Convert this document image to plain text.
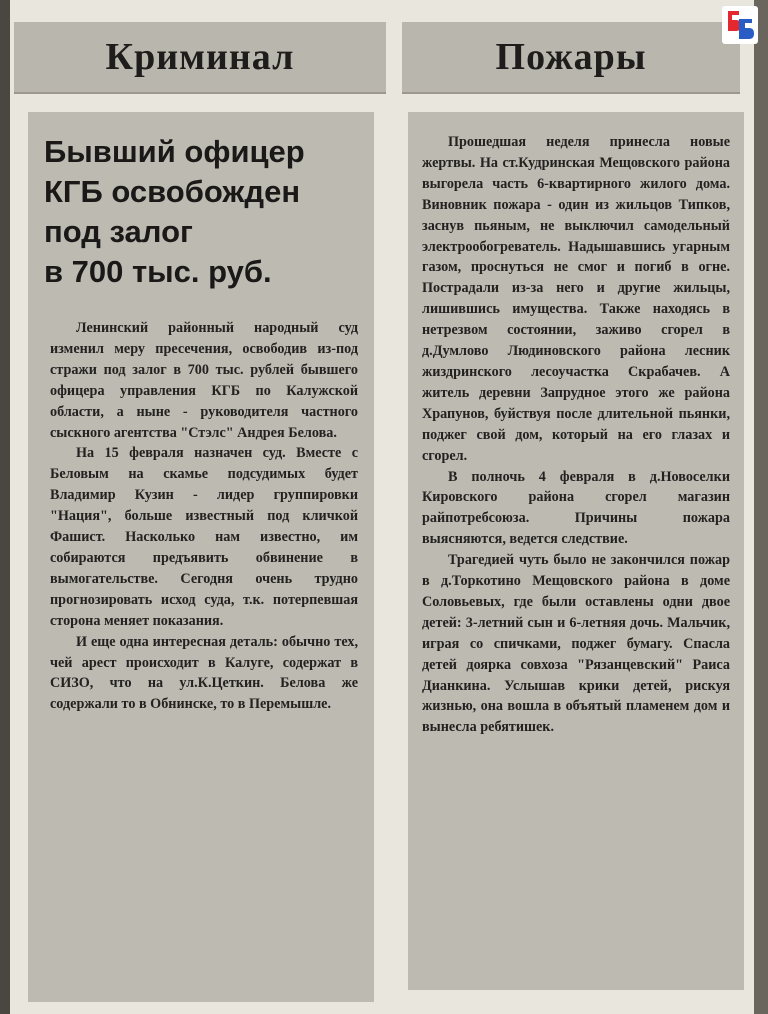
Криминал	Пожары
Бывший офицер
КГБ освобожден
под залог
в 700 тыс. руб.

Ленинский районный народный суд изменил меру пресечения, освободив из-под стражи под залог в 700 тыс. рублей бывшего офицера управления КГБ по Калужской области, а ныне - руководителя частного сыскного агентства "Стэлс" Андрея Белова.

На 15 февраля назначен суд. Вместе с Беловым на скамье подсудимых будет Владимир Кузин - лидер группировки "Нация", больше известный под кличкой Фашист. Насколько нам известно, им собираются предъявить обвинение в вымогательстве. Сегодня очень трудно прогнозировать исход суда, т.к. потерпевшая сторона меняет показания.

И еще одна интересная деталь: обычно тех, чей арест происходит в Калуге, содержат в СИЗО, что на ул.К.Цеткин. Белова же содержали то в Обнинске, то в Перемышле.

Прошедшая неделя принесла новые жертвы. На ст.Кудринская Мещовского района выгорела часть 6-квартирного жилого дома. Виновник пожара - один из жильцов Типков, заснув пьяным, не выключил самодельный электрообогреватель. Надышавшись угарным газом, проснуться не смог и погиб в огне. Пострадали из-за него и другие жильцы, лишившись имущества. Также находясь в нетрезвом состоянии, заживо сгорел в д.Думлово Людиновского района лесник жиздринского лесоучастка Скрабачев. А житель деревни Запрудное этого же района Храпунов, буйствуя после длительной пьянки, поджег свой дом, который на его глазах и сгорел.

В полночь 4 февраля в д.Новоселки Кировского района сгорел магазин райпотребсоюза. Причины пожара выясняются, ведется следствие.

Трагедией чуть было не закончился пожар в д.Торкотино Мещовского района в доме Соловьевых, где были оставлены одни двое детей: 3-летний сын и 6-летняя дочь. Мальчик, играя со спичками, поджег бумагу. Спасла детей доярка совхоза "Рязанцевский" Раиса Дианкина. Услышав крики детей, рискуя жизнью, она вошла в объятый пламенем дом и вынесла ребятишек.
